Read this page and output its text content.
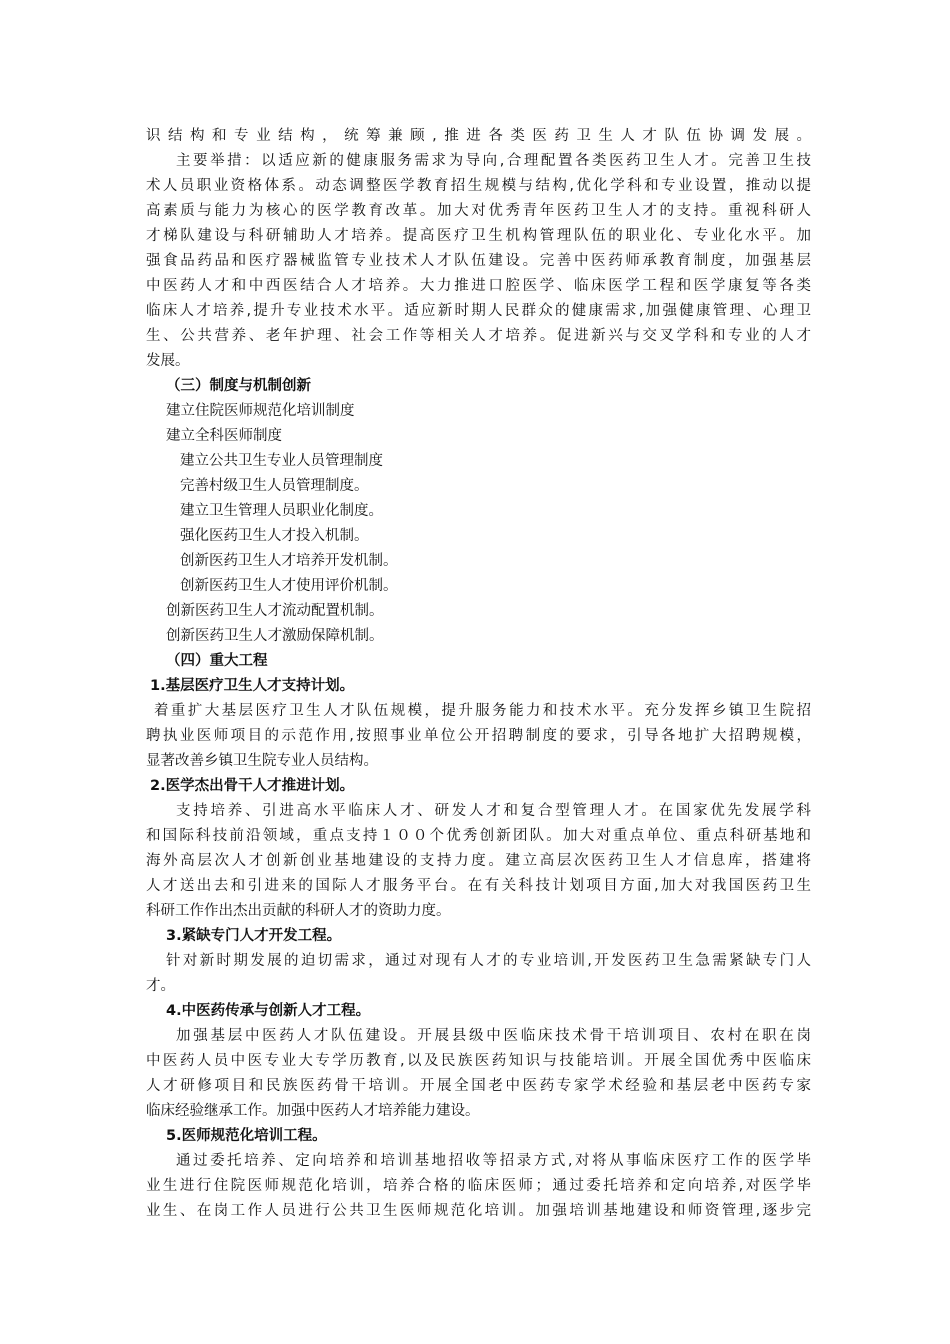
识结构和专业结构，统筹兼顾,推进各类医药卫生人才队伍协调发展。
主要举措：以适应新的健康服务需求为导向,合理配置各类医药卫生人才。完善卫生技
术人员职业资格体系。动态调整医学教育招生规模与结构,优化学科和专业设置，推动以提
高素质与能力为核心的医学教育改革。加大对优秀青年医药卫生人才的支持。重视科研人
才梯队建设与科研辅助人才培养。提高医疗卫生机构管理队伍的职业化、专业化水平。加
强食品药品和医疗器械监管专业技术人才队伍建设。完善中医药师承教育制度，加强基层
中医药人才和中西医结合人才培养。大力推进口腔医学、临床医学工程和医学康复等各类
临床人才培养,提升专业技术水平。适应新时期人民群众的健康需求,加强健康管理、心理卫
生、公共营养、老年护理、社会工作等相关人才培养。促进新兴与交叉学科和专业的人才
发展。
（三）制度与机制创新
建立住院医师规范化培训制度
建立全科医师制度
建立公共卫生专业人员管理制度
完善村级卫生人员管理制度。
建立卫生管理人员职业化制度。
强化医药卫生人才投入机制。
创新医药卫生人才培养开发机制。
创新医药卫生人才使用评价机制。
创新医药卫生人才流动配置机制。
创新医药卫生人才激励保障机制。
（四）重大工程
1.基层医疗卫生人才支持计划。
着重扩大基层医疗卫生人才队伍规模，提升服务能力和技术水平。充分发挥乡镇卫生院招
聘执业医师项目的示范作用,按照事业单位公开招聘制度的要求，引导各地扩大招聘规模，
显著改善乡镇卫生院专业人员结构。
2.医学杰出骨干人才推进计划。
支持培养、引进高水平临床人才、研发人才和复合型管理人才。在国家优先发展学科
和国际科技前沿领域，重点支持１００个优秀创新团队。加大对重点单位、重点科研基地和
海外高层次人才创新创业基地建设的支持力度。建立高层次医药卫生人才信息库，搭建将
人才送出去和引进来的国际人才服务平台。在有关科技计划项目方面,加大对我国医药卫生
科研工作作出杰出贡献的科研人才的资助力度。
3.紧缺专门人才开发工程。
针对新时期发展的迫切需求，通过对现有人才的专业培训,开发医药卫生急需紧缺专门人
才。
4.中医药传承与创新人才工程。
加强基层中医药人才队伍建设。开展县级中医临床技术骨干培训项目、农村在职在岗
中医药人员中医专业大专学历教育,以及民族医药知识与技能培训。开展全国优秀中医临床
人才研修项目和民族医药骨干培训。开展全国老中医药专家学术经验和基层老中医药专家
临床经验继承工作。加强中医药人才培养能力建设。
5.医师规范化培训工程。
通过委托培养、定向培养和培训基地招收等招录方式,对将从事临床医疗工作的医学毕
业生进行住院医师规范化培训，培养合格的临床医师；通过委托培养和定向培养,对医学毕
业生、在岗工作人员进行公共卫生医师规范化培训。加强培训基地建设和师资管理,逐步完
